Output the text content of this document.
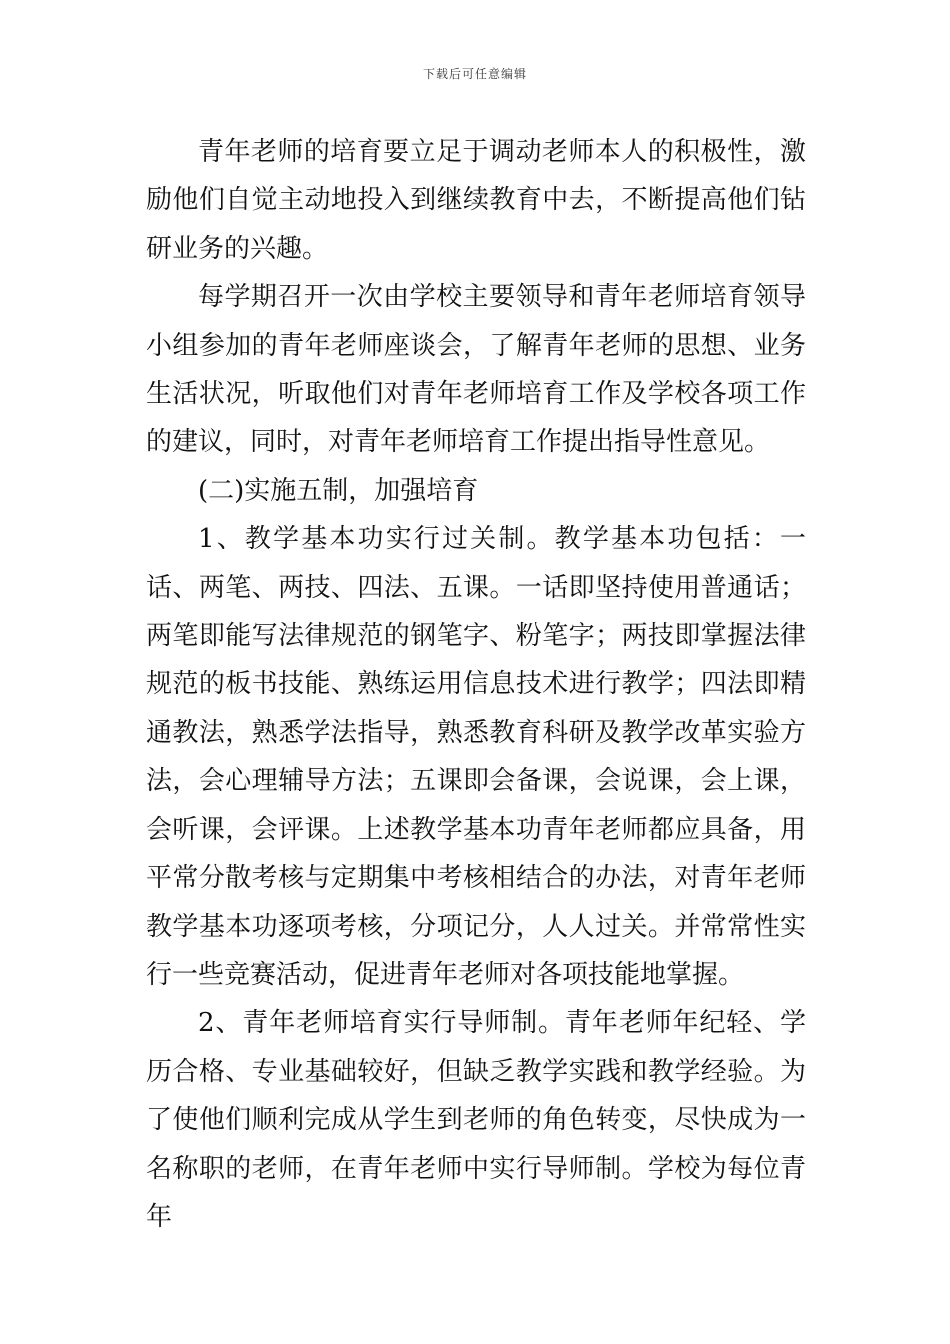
下载后可任意编辑

青年老师的培育要立足于调动老师本人的积极性，激励他们自觉主动地投入到继续教育中去，不断提高他们钻研业务的兴趣。

每学期召开一次由学校主要领导和青年老师培育领导小组参加的青年老师座谈会，了解青年老师的思想、业务生活状况，听取他们对青年老师培育工作及学校各项工作的建议，同时，对青年老师培育工作提出指导性意见。

(二)实施五制，加强培育

1、教学基本功实行过关制。教学基本功包括：一话、两笔、两技、四法、五课。一话即坚持使用普通话；两笔即能写法律规范的钢笔字、粉笔字；两技即掌握法律规范的板书技能、熟练运用信息技术进行教学；四法即精通教法，熟悉学法指导，熟悉教育科研及教学改革实验方法，会心理辅导方法；五课即会备课，会说课，会上课，会听课，会评课。上述教学基本功青年老师都应具备，用平常分散考核与定期集中考核相结合的办法，对青年老师教学基本功逐项考核，分项记分，人人过关。并常常性实行一些竞赛活动，促进青年老师对各项技能地掌握。

2、青年老师培育实行导师制。青年老师年纪轻、学历合格、专业基础较好，但缺乏教学实践和教学经验。为了使他们顺利完成从学生到老师的角色转变，尽快成为一名称职的老师，在青年老师中实行导师制。学校为每位青年
